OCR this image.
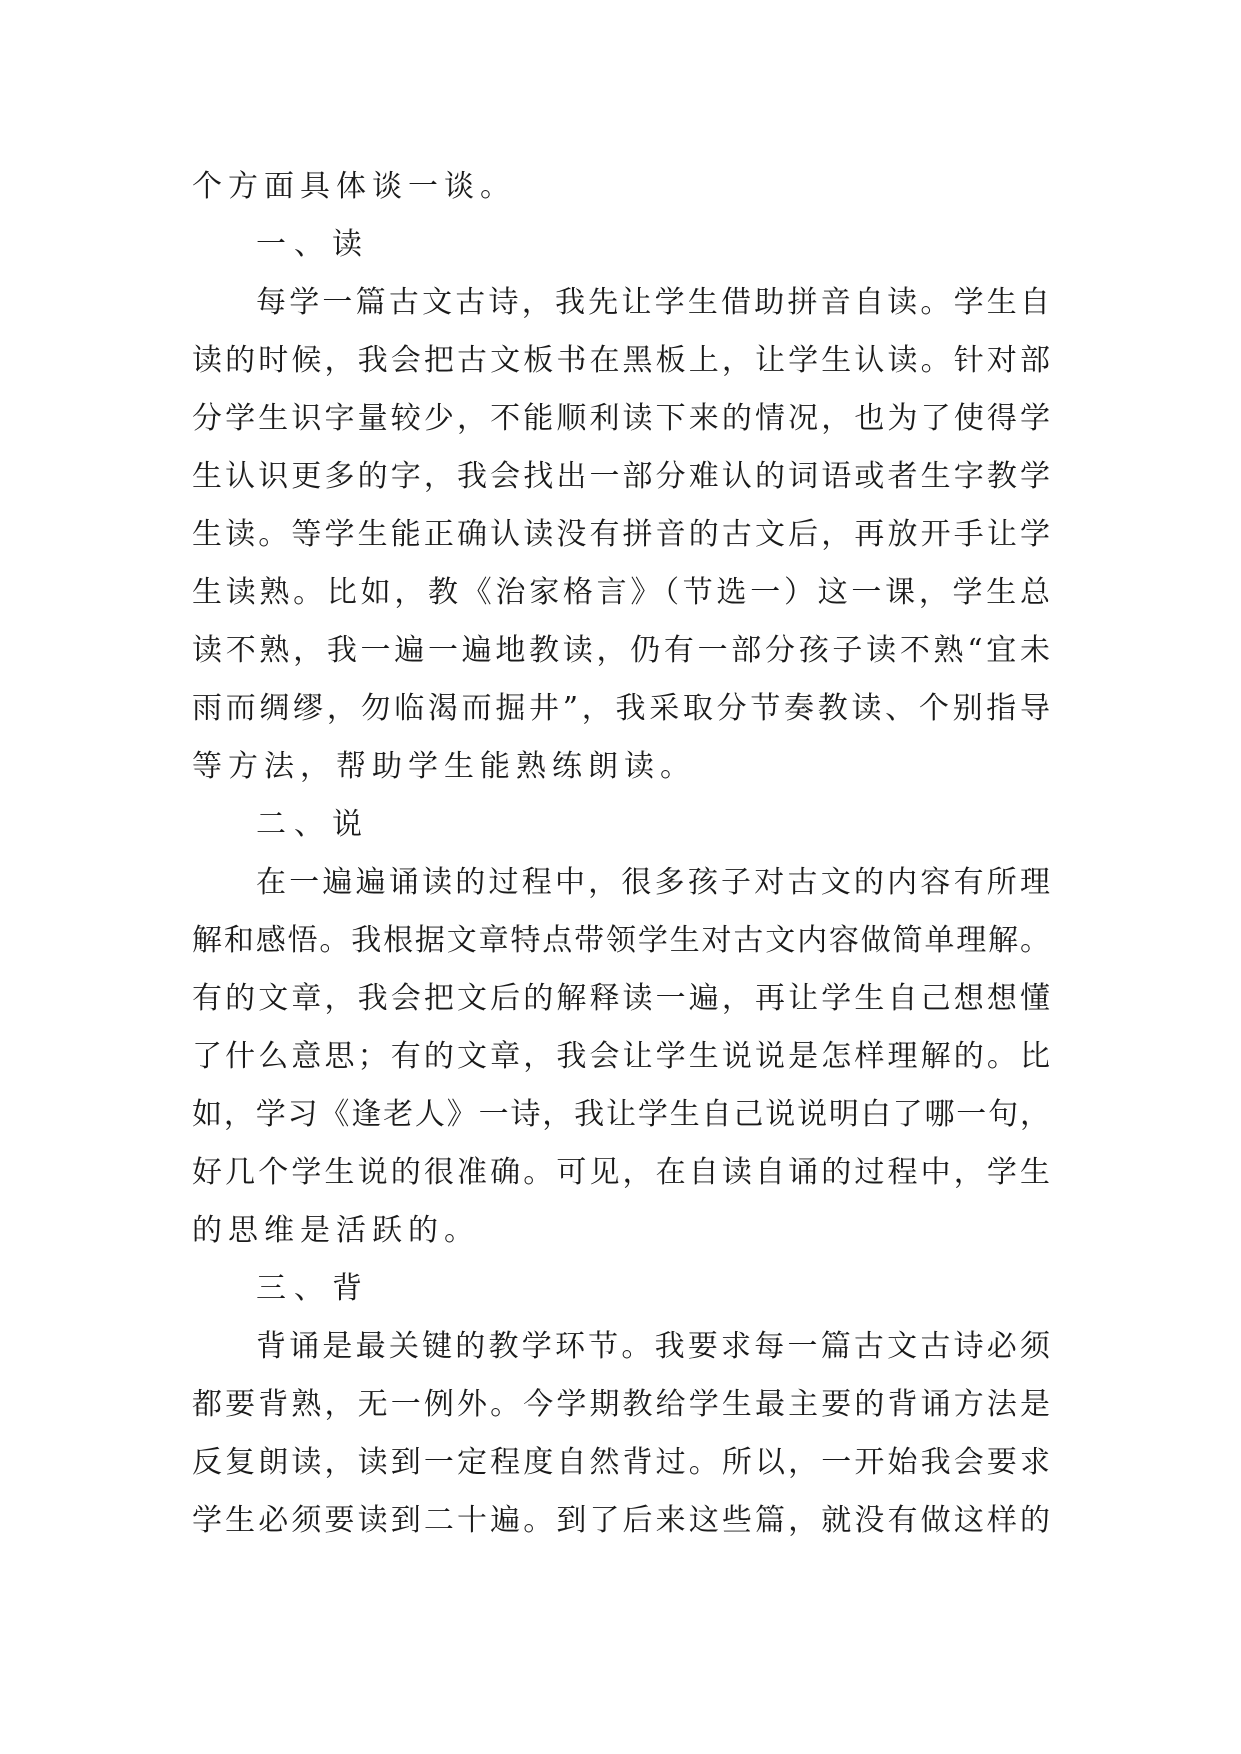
个方面具体谈一谈。
一、读
每学一篇古文古诗，我先让学生借助拼音自读。学生自
读的时候，我会把古文板书在黑板上，让学生认读。针对部
分学生识字量较少，不能顺利读下来的情况，也为了使得学
生认识更多的字，我会找出一部分难认的词语或者生字教学
生读。等学生能正确认读没有拼音的古文后，再放开手让学
生读熟。比如，教《治家格言》（节选一）这一课，学生总
读不熟，我一遍一遍地教读，仍有一部分孩子读不熟“宜未
雨而绸缪，勿临渴而掘井”，我采取分节奏教读、个别指导
等方法，帮助学生能熟练朗读。
二、说
在一遍遍诵读的过程中，很多孩子对古文的内容有所理
解和感悟。我根据文章特点带领学生对古文内容做简单理解。
有的文章，我会把文后的解释读一遍，再让学生自己想想懂
了什么意思；有的文章，我会让学生说说是怎样理解的。比
如，学习《逢老人》一诗，我让学生自己说说明白了哪一句，
好几个学生说的很准确。可见，在自读自诵的过程中，学生
的思维是活跃的。
三、背
背诵是最关键的教学环节。我要求每一篇古文古诗必须
都要背熟，无一例外。今学期教给学生最主要的背诵方法是
反复朗读，读到一定程度自然背过。所以，一开始我会要求
学生必须要读到二十遍。到了后来这些篇，就没有做这样的
